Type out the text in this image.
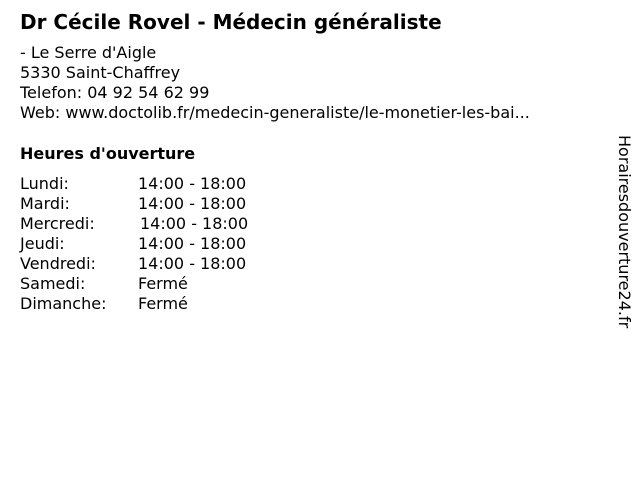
Dr Cécile Rovel - Médecin généraliste
- Le Serre d'Aigle
5330 Saint-Chaffrey
Telefon: 04 92 54 62 99
Web: www.doctolib.fr/medecin-generaliste/le-monetier-les-bai...
Heures d'ouverture
Lundi:	14:00 - 18:00
Mardi:	14:00 - 18:00
Mercredi:	14:00 - 18:00
Jeudi:	14:00 - 18:00
Vendredi:	14:00 - 18:00
Samedi:	Fermé
Dimanche: Fermé	Horairesdouverture24.fr
